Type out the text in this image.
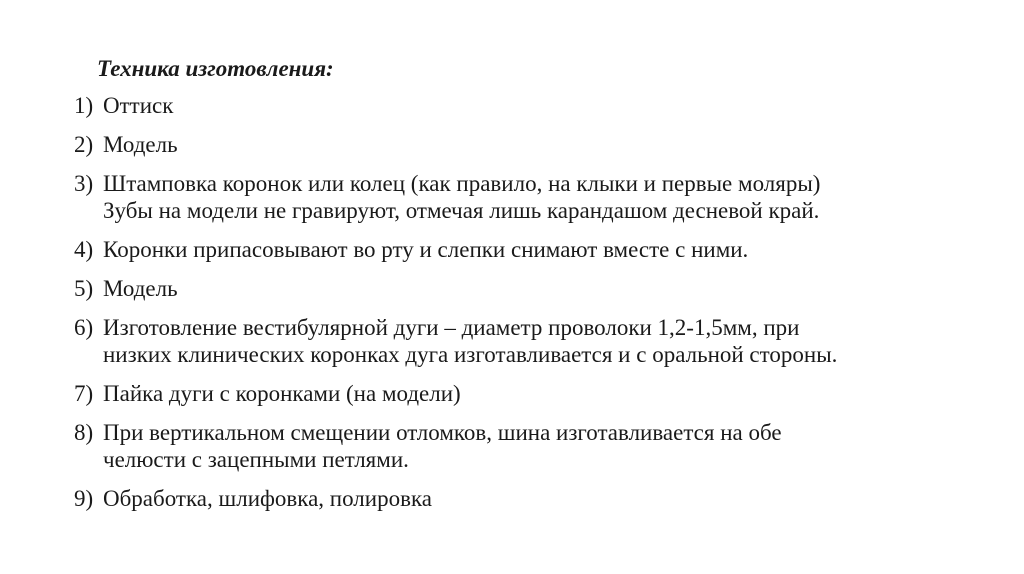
Техника изготовления:
1) Оттиск
2) Модель
3) Штамповка коронок или колец (как правило, на клыки и первые моляры)
Зубы на модели не гравируют, отмечая лишь карандашом десневой край.
4) Коронки припасовывают во рту и слепки снимают вместе с ними.
5) Модель
6) Изготовление вестибулярной дуги – диаметр проволоки 1,2-1,5мм, при
низких клинических коронках дуга изготавливается и с оральной стороны.
7) Пайка дуги с коронками (на модели)
8) При вертикальном смещении отломков, шина изготавливается на обе
челюсти с зацепными петлями.
9) Обработка, шлифовка, полировка
